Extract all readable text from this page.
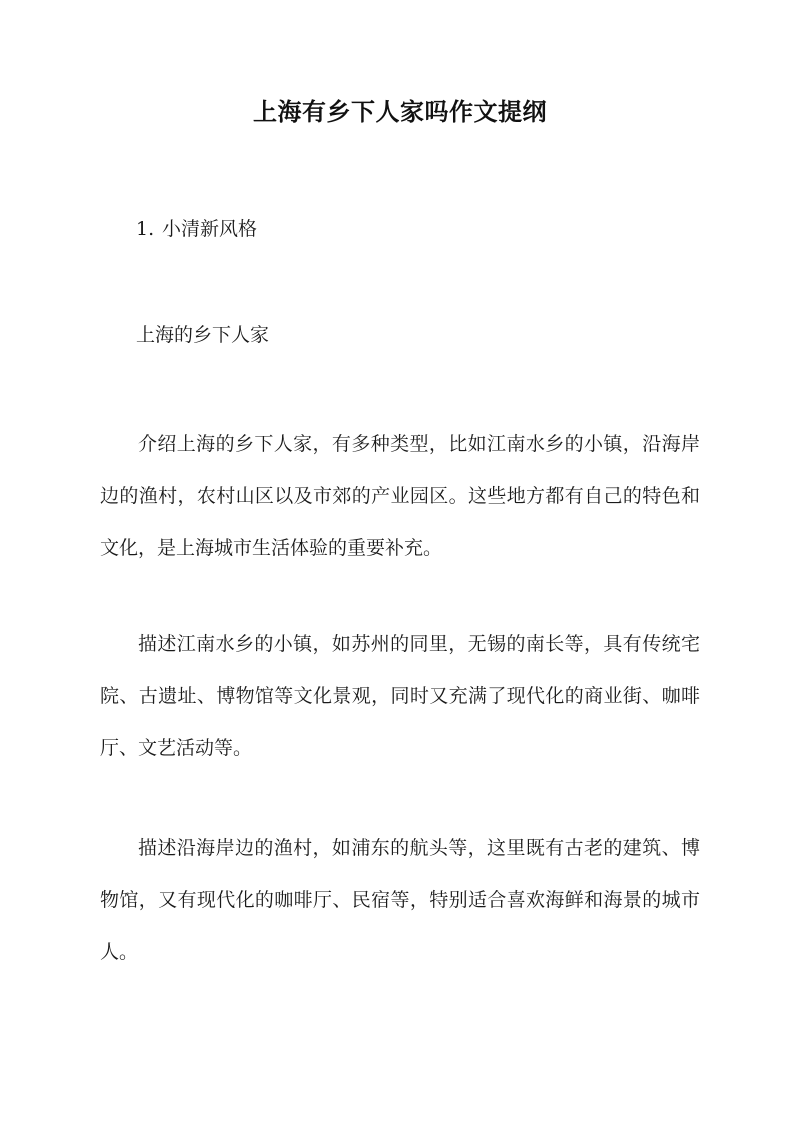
上海有乡下人家吗作文提纲
1. 小清新风格
上海的乡下人家

介绍上海的乡下人家，有多种类型，比如江南水乡的小镇，沿海岸边的渔村，农村山区以及市郊的产业园区。这些地方都有自己的特色和文化，是上海城市生活体验的重要补充。

描述江南水乡的小镇，如苏州的同里，无锡的南长等，具有传统宅院、古遗址、博物馆等文化景观，同时又充满了现代化的商业街、咖啡厅、文艺活动等。

描述沿海岸边的渔村，如浦东的航头等，这里既有古老的建筑、博物馆，又有现代化的咖啡厅、民宿等，特别适合喜欢海鲜和海景的城市人。
